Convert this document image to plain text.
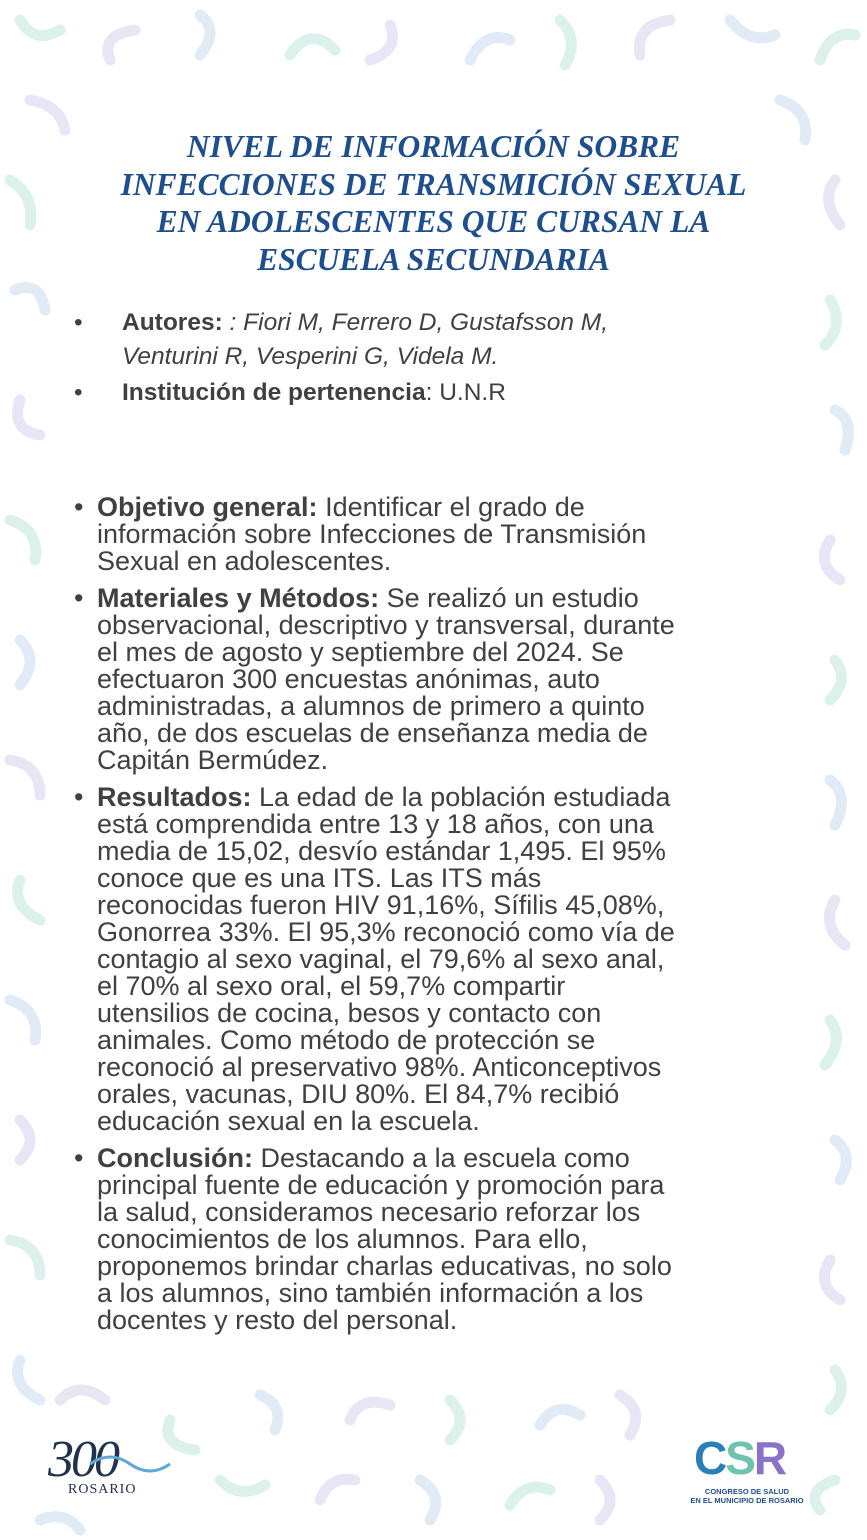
NIVEL DE INFORMACIÓN SOBRE
INFECCIONES DE TRANSMICIÓN SEXUAL
EN ADOLESCENTES QUE CURSAN LA
ESCUELA SECUNDARIA
• Autores: : Fiori M, Ferrero D, Gustafsson M,
Venturini R, Vesperini G, Videla M.
• Institución de pertenencia: U.N.R
• Objetivo general: Identificar el grado de
información sobre Infecciones de Transmisión
Sexual en adolescentes.
• Materiales y Métodos: Se realizó un estudio
observacional, descriptivo y transversal, durante
el mes de agosto y septiembre del 2024. Se
efectuaron 300 encuestas anónimas, auto
administradas, a alumnos de primero a quinto
año, de dos escuelas de enseñanza media de
Capitán Bermúdez.
• Resultados: La edad de la población estudiada
está comprendida entre 13 y 18 años, con una
media de 15,02, desvío estándar 1,495. El 95%
conoce que es una ITS. Las ITS más
reconocidas fueron HIV 91,16%, Sífilis 45,08%,
Gonorrea 33%. El 95,3% reconoció como vía de
contagio al sexo vaginal, el 79,6% al sexo anal,
el 70% al sexo oral, el 59,7% compartir
utensilios de cocina, besos y contacto con
animales. Como método de protección se
reconoció al preservativo 98%. Anticonceptivos
orales, vacunas, DIU 80%. El 84,7% recibió
educación sexual en la escuela.
• Conclusión: Destacando a la escuela como
principal fuente de educación y promoción para
la salud, consideramos necesario reforzar los
conocimientos de los alumnos. Para ello,
proponemos brindar charlas educativas, no solo
a los alumnos, sino también información a los
docentes y resto del personal.
300
ROSARIO
CSR
CONGRESO DE SALUD
EN EL MUNICIPIO DE ROSARIO
